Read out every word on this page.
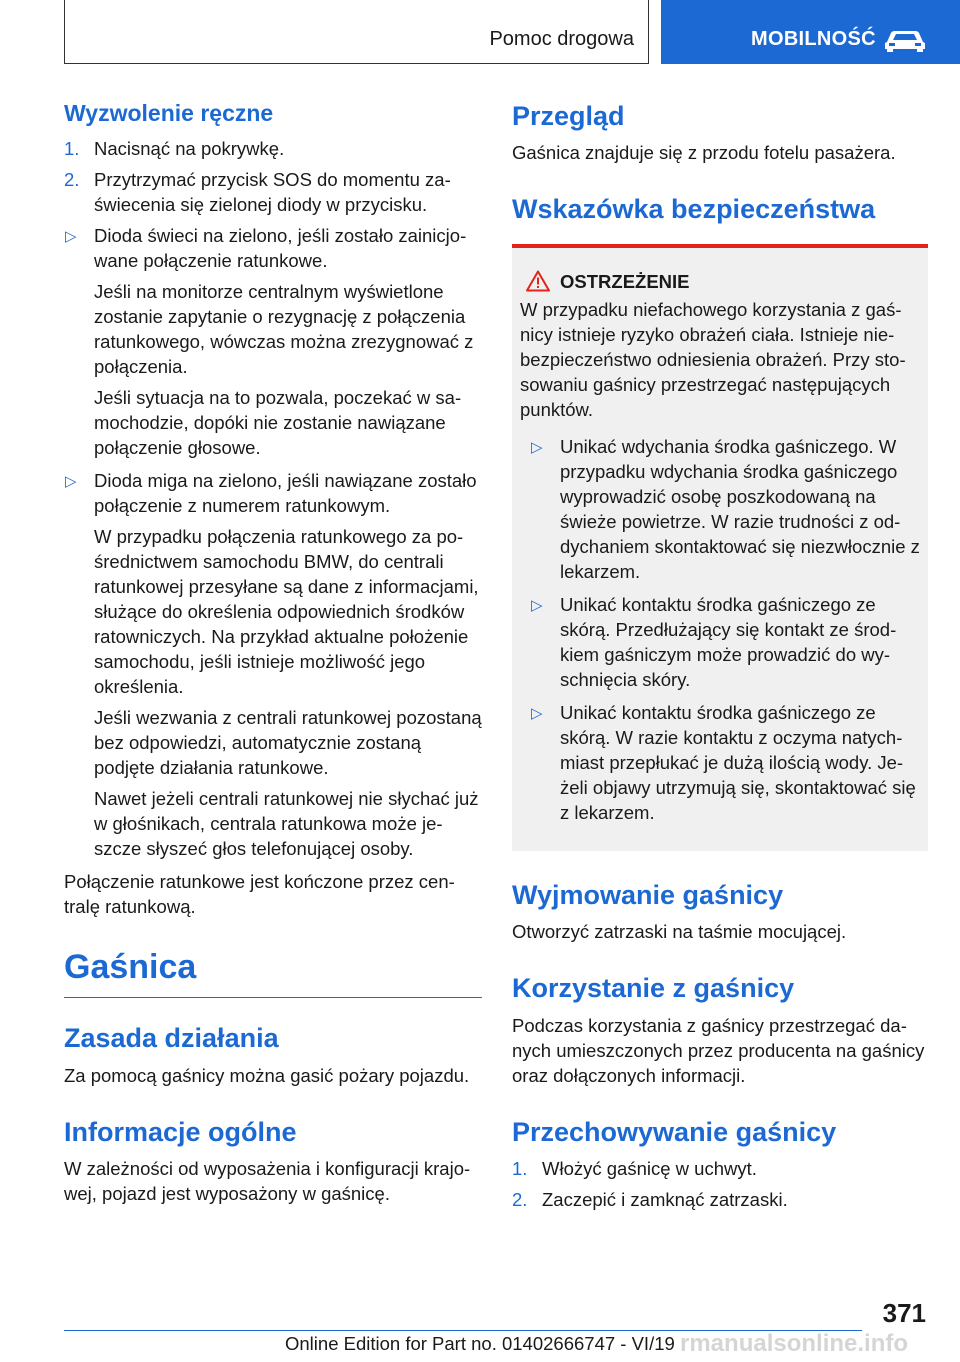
Pomoc drogowa	MOBILNOŚĆ
Wyzwolenie ręczne
1. Nacisnąć na pokrywkę.
2. Przytrzymać przycisk SOS do momentu zaświecenia się zielonej diody w przycisku.
▷ Dioda świeci na zielono, jeśli zostało zainicjowane połączenie ratunkowe.
Jeśli na monitorze centralnym wyświetlone zostanie zapytanie o rezygnację z połączenia ratunkowego, wówczas można zrezygnować z połączenia.
Jeśli sytuacja na to pozwala, poczekać w samochodzie, dopóki nie zostanie nawiązane połączenie głosowe.
▷ Dioda miga na zielono, jeśli nawiązane zostało połączenie z numerem ratunkowym.
W przypadku połączenia ratunkowego za pośrednictwem samochodu BMW, do centrali ratunkowej przesyłane są dane z informacjami, służące do określenia odpowiednich środków ratowniczych. Na przykład aktualne położenie samochodu, jeśli istnieje możliwość jego określenia.
Jeśli wezwania z centrali ratunkowej pozostaną bez odpowiedzi, automatycznie zostaną podjęte działania ratunkowe.
Nawet jeżeli centrali ratunkowej nie słychać już w głośnikach, centrala ratunkowa może jeszcze słyszeć głos telefonującej osoby.

Połączenie ratunkowe jest kończone przez centralę ratunkową.

Gaśnica
Zasada działania

Za pomocą gaśnicy można gasić pożary pojazdu.

Informacje ogólne

W zależności od wyposażenia i konfiguracji krajowej, pojazd jest wyposażony w gaśnicę.

Przegląd

Gaśnica znajduje się z przodu fotelu pasażera.

Wskazówka bezpieczeństwa
OSTRZEŻENIE

W przypadku niefachowego korzystania z gaśnicy istnieje ryzyko obrażeń ciała. Istnieje niebezpieczeństwo odniesienia obrażeń. Przy stosowaniu gaśnicy przestrzegać następujących punktów.

▷ Unikać wdychania środka gaśniczego. W przypadku wdychania środka gaśniczego wyprowadzić osobę poszkodowaną na świeże powietrze. W razie trudności z oddychaniem skontaktować się niezwłocznie z lekarzem.
▷ Unikać kontaktu środka gaśniczego ze skórą. Przedłużający się kontakt ze środkiem gaśniczym może prowadzić do wyschnięcia skóry.
▷ Unikać kontaktu środka gaśniczego ze skórą. W razie kontaktu z oczyma natychmiast przepłukać je dużą ilością wody. Jeżeli objawy utrzymują się, skontaktować się z lekarzem.
Wyjmowanie gaśnicy

Otworzyć zatrzaski na taśmie mocującej.

Korzystanie z gaśnicy

Podczas korzystania z gaśnicy przestrzegać danych umieszczonych przez producenta na gaśnicy oraz dołączonych informacji.

Przechowywanie gaśnicy
1. Włożyć gaśnicę w uchwyt.
2. Zaczepić i zamknąć zatrzaski.
371
Online Edition for Part no. 01402666747 - VI/19 rmanualsonline.info
